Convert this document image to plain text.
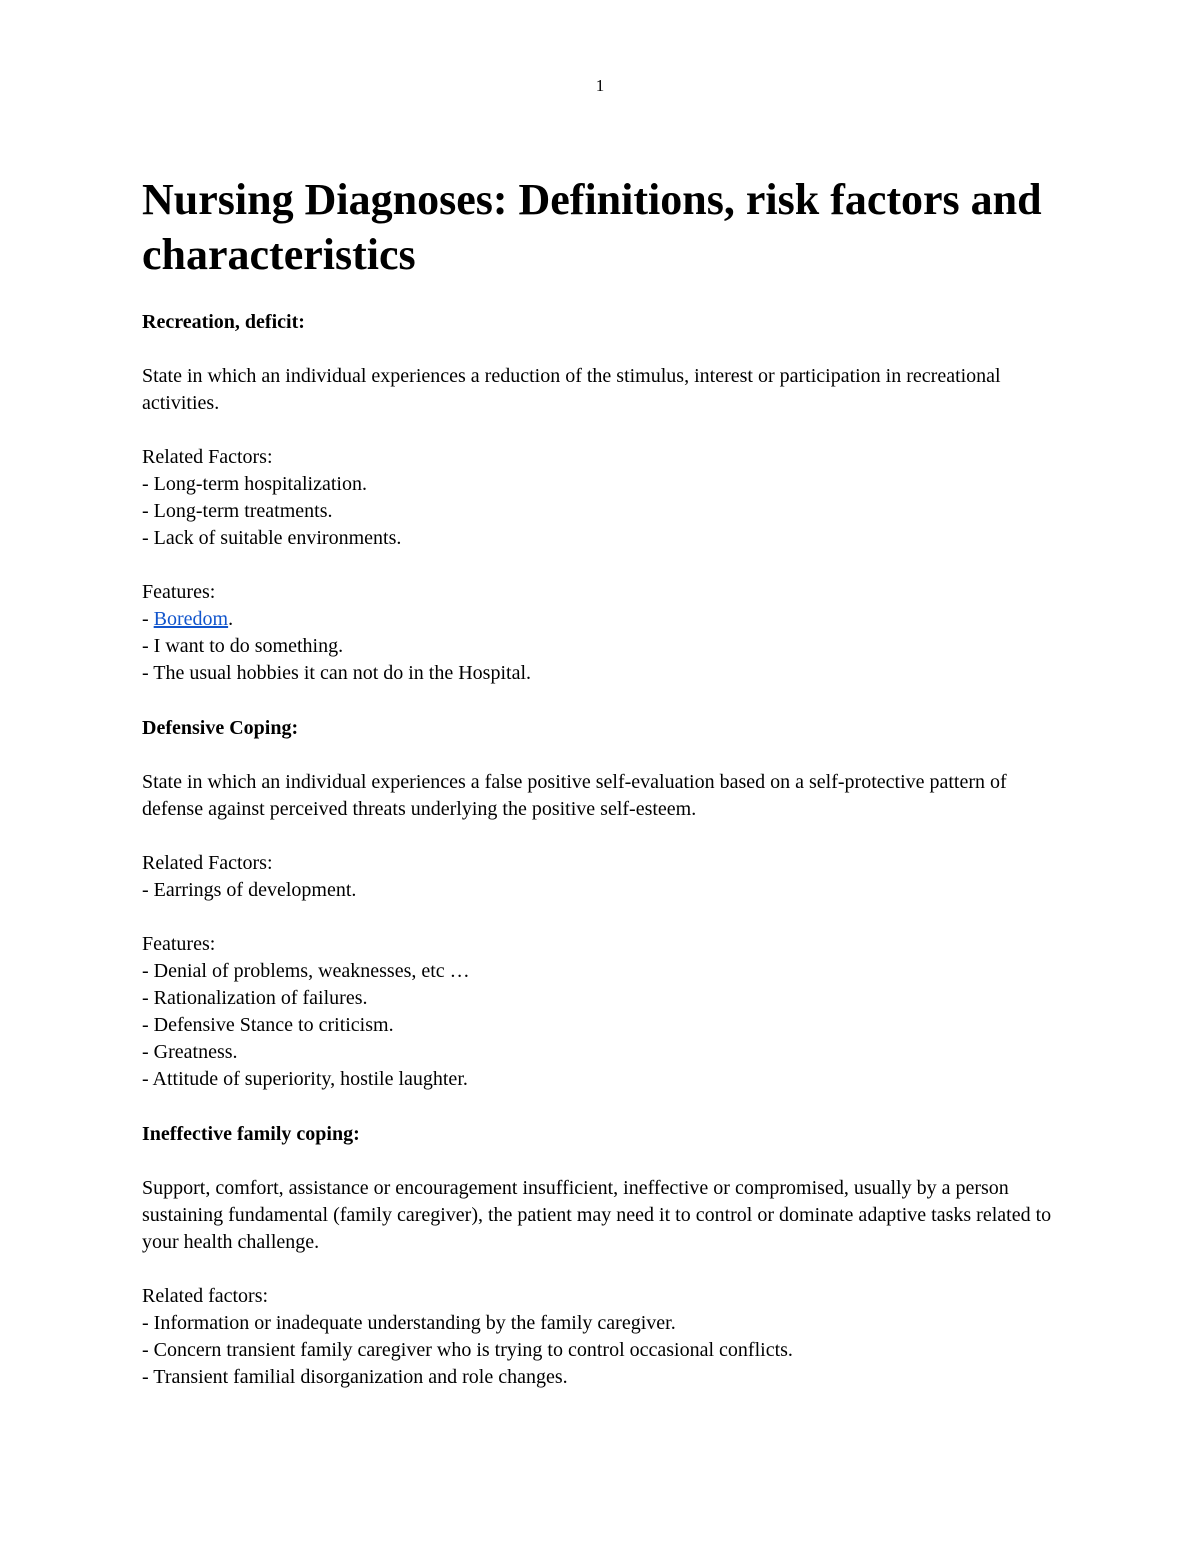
1
Nursing Diagnoses: Definitions, risk factors and characteristics
Recreation, deficit:

State in which an individual experiences a reduction of the stimulus, interest or participation in recreational activities.

Related Factors:
- Long-term hospitalization.
- Long-term treatments.
- Lack of suitable environments.
Features:
- Boredom.
- I want to do something.
- The usual hobbies it can not do in the Hospital.
Defensive Coping:

State in which an individual experiences a false positive self-evaluation based on a self-protective pattern of defense against perceived threats underlying the positive self-esteem.

Related Factors:
- Earrings of development.
Features:
- Denial of problems, weaknesses, etc …
- Rationalization of failures.
- Defensive Stance to criticism.
- Greatness.
- Attitude of superiority, hostile laughter.
Ineffective family coping:

Support, comfort, assistance or encouragement insufficient, ineffective or compromised, usually by a person sustaining fundamental (family caregiver), the patient may need it to control or dominate adaptive tasks related to your health challenge.

Related factors:
- Information or inadequate understanding by the family caregiver.
- Concern transient family caregiver who is trying to control occasional conflicts.
- Transient familial disorganization and role changes.
